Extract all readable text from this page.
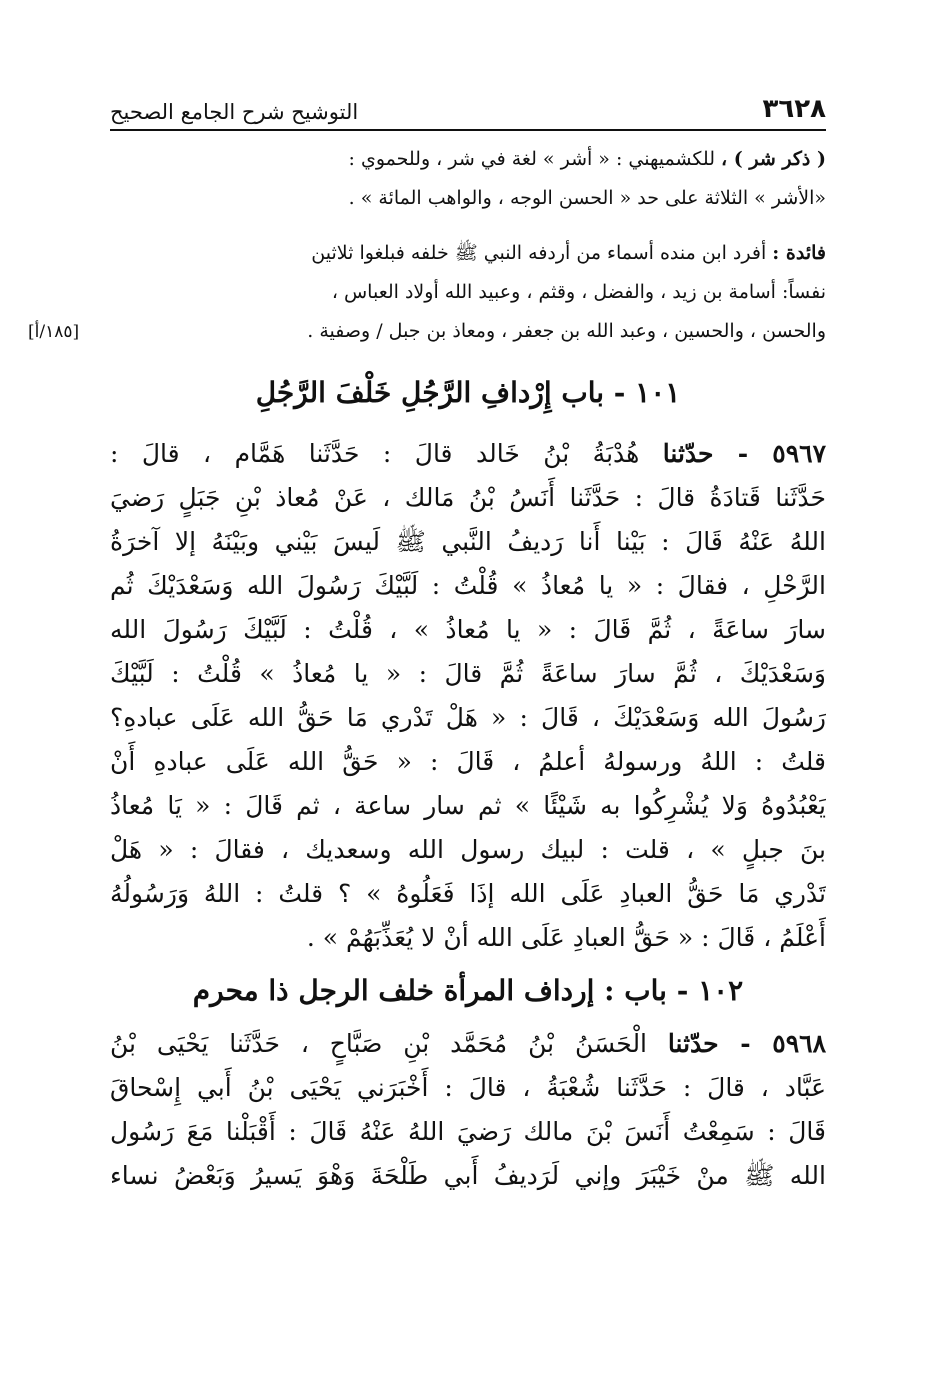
٣٦٢٨
التوشيح شرح الجامع الصحيح
[١٨٥/أ]
( ذكر شر ) ، للكشميهني : « أشر » لغة في شر ، وللحموي :
«الأشر » الثلاثة على حد « الحسن الوجه ، والواهب المائة » .
فائدة : أفرد ابن منده أسماء من أردفه النبي ﷺ خلفه فبلغوا ثلاثين
نفساً: أسامة بن زيد ، والفضل ، وقثم ، وعبيد الله أولاد العباس ،
والحسن ، والحسين ، وعبد الله بن جعفر ، ومعاذ بن جبل / وصفية .
١٠١ - باب إِرْدافِ الرَّجُلِ خَلْفَ الرَّجُلِ
٥٩٦٧ - حدّثنا هُدْبَةُ بْنُ خَالد قالَ : حَدَّثَنا هَمَّام ، قالَ :
حَدَّثَنا قَتادَةُ قالَ : حَدَّثَنا أَنَسُ بْنُ مَالك ، عَنْ مُعاذ بْنِ جَبَلٍ رَضيَ
اللهُ عَنْهُ قَالَ : بَيْنا أَنا رَديفُ النَّبي ﷺ لَيسَ بَيْني وبَيْنَهُ إلا آخرَةُ
الرَّحْلِ ، فقالَ : « يا مُعاذُ » قُلْتُ : لَبَّيْكَ رَسُولَ الله وَسَعْدَيْكَ ثُم
سارَ ساعَةً ، ثُمَّ قَالَ : « يا مُعاذُ » ، قُلْتُ : لَبَّيْكَ رَسُولَ الله
وَسَعْدَيْكَ ، ثُمَّ سارَ ساعَةً ثُمَّ قالَ : « يا مُعاذُ » قُلْتُ : لَبَّيْكَ
رَسُولَ الله وَسَعْدَيْكَ ، قَالَ : « هَلْ تَدْري مَا حَقُّ الله عَلَى عبادهِ؟
قلتُ : اللهُ ورسولهُ أعلمُ ، قَالَ : « حَقُّ الله عَلَى عبادهِ أَنْ
يَعْبُدُوهُ وَلا يُشْرِكُوا به شَيْئًا » ثم سار ساعة ، ثم قَالَ : « يَا مُعاذُ
بنَ جبلٍ » ، قلت : لبيك رسول الله وسعديك ، فقالَ : « هَلْ
تَدْري مَا حَقُّ العبادِ عَلَى الله إذَا فَعَلُوهُ » ؟ قلتُ : اللهُ وَرَسُولُهُ
أَعْلَمُ ، قَالَ : « حَقُّ العبادِ عَلَى الله أنْ لا يُعَذِّبَهُمْ » .
١٠٢ - باب : إرداف المرأة خلف الرجل ذا محرم
٥٩٦٨ - حدّثنا الْحَسَنُ بْنُ مُحَمَّد بْنِ صَبَّاحٍ ، حَدَّثَنا يَحْيَى بْنُ
عَبَّاد ، قالَ : حَدَّثَنا شُعْبَةُ ، قالَ : أَخْبَرَني يَحْيَى بْنُ أَبي إِسْحاقَ
قَالَ : سَمِعْتُ أَنَسَ بْنَ مالك رَضيَ اللهُ عَنْهُ قَالَ : أَقْبَلْنا مَعَ رَسُول
الله ﷺ منْ خَيْبَرَ وإني لَرَديفُ أَبي طَلْحَةَ وَهْوَ يَسيرُ وَبَعْضُ نساء
